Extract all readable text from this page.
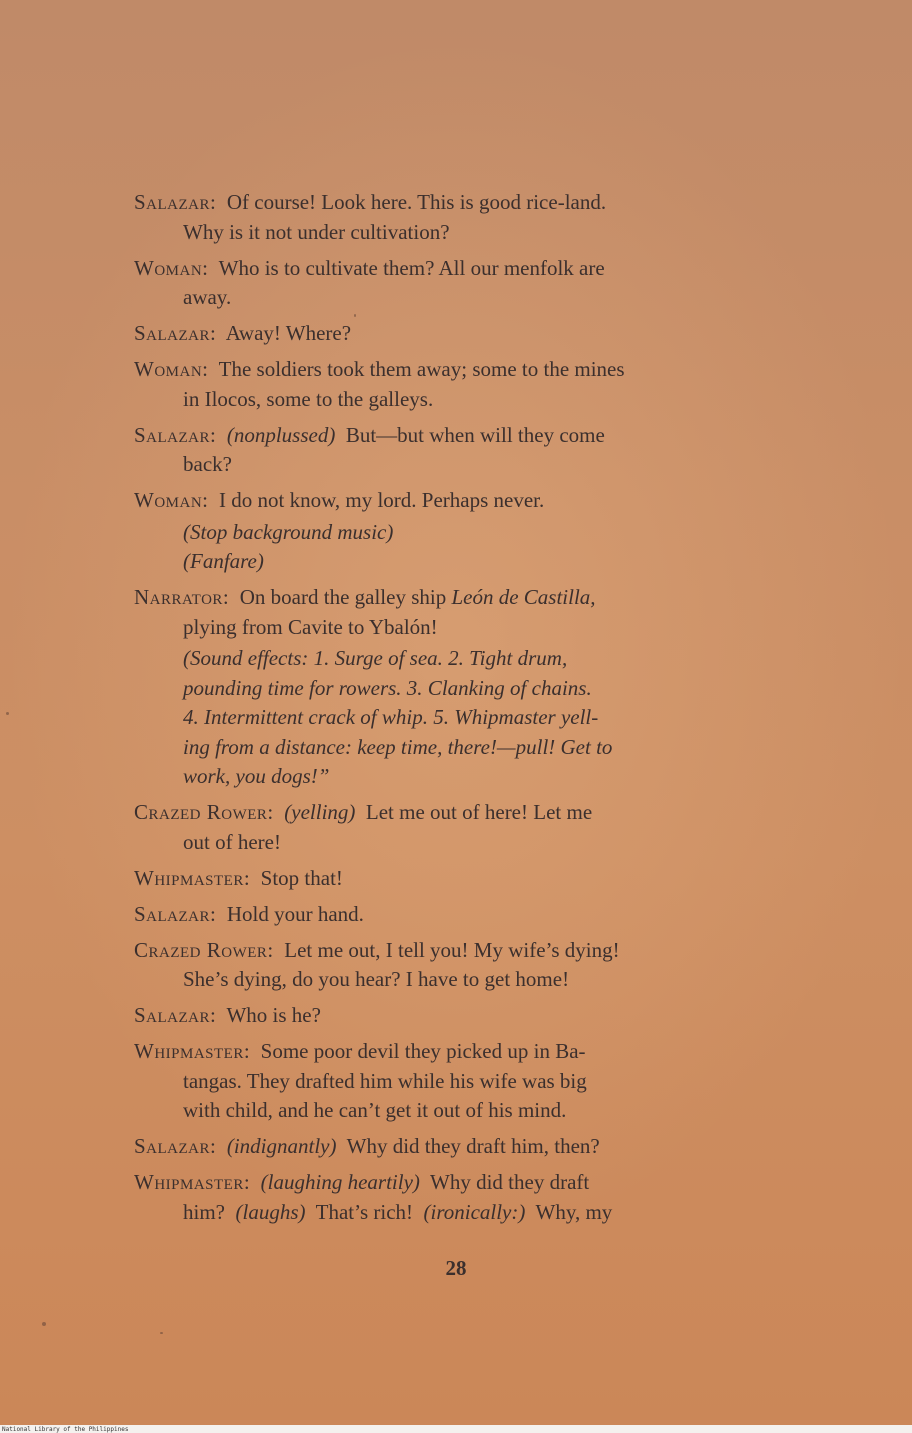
Salazar: Of course! Look here. This is good rice-land.
Why is it not under cultivation?

Woman: Who is to cultivate them? All our menfolk are
away.

Salazar: Away! Where?

Woman: The soldiers took them away; some to the mines
in Ilocos, some to the galleys.

Salazar: (nonplussed) But—but when will they come
back?

Woman: I do not know, my lord. Perhaps never.

(Stop background music)
(Fanfare)

Narrator: On board the galley ship León de Castilla,
plying from Cavite to Ybalón!

(Sound effects: 1. Surge of sea. 2. Tight drum,
pounding time for rowers. 3. Clanking of chains.
4. Intermittent crack of whip. 5. Whipmaster yell-
ing from a distance: keep time, there!—pull! Get to
work, you dogs!”

Crazed Rower: (yelling) Let me out of here! Let me
out of here!

Whipmaster: Stop that!

Salazar: Hold your hand.

Crazed Rower: Let me out, I tell you! My wife’s dying!
She’s dying, do you hear? I have to get home!

Salazar: Who is he?

Whipmaster: Some poor devil they picked up in Ba-
tangas. They drafted him while his wife was big
with child, and he can’t get it out of his mind.

Salazar: (indignantly) Why did they draft him, then?

Whipmaster: (laughing heartily) Why did they draft
him? (laughs) That’s rich! (ironically:) Why, my

28
National Library of the Philippines
